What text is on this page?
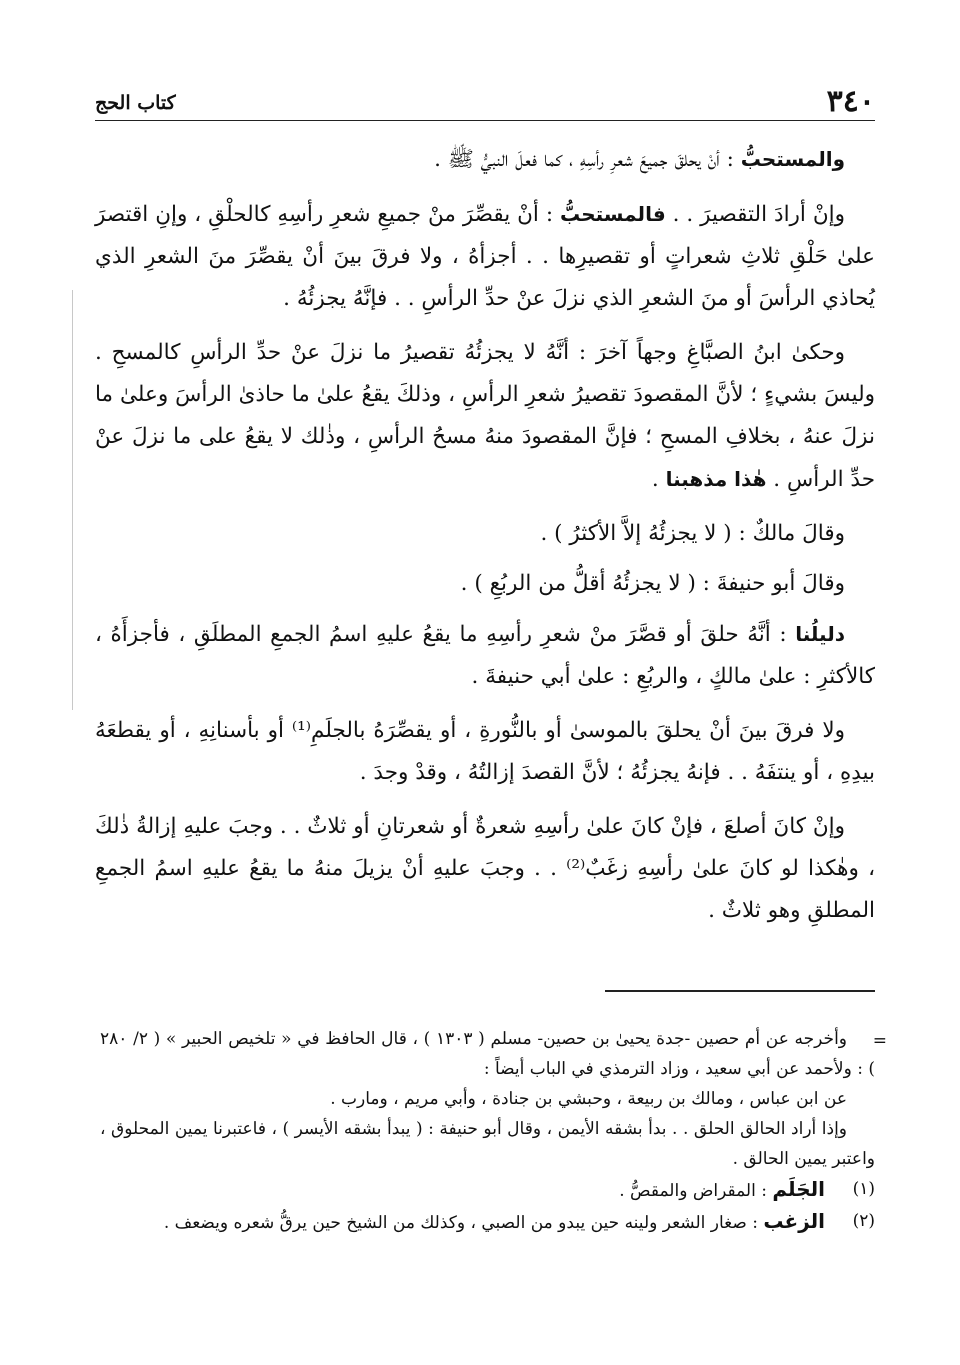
٣٤٠
كتاب الحج

والمستحبُّ : أنْ يحلقَ جميعَ شعرِ رأسِهِ ، كما فعلَ النبيُّ ﷺ .

وإنْ أرادَ التقصيرَ . . فالمستحبُّ : أنْ يقصِّرَ منْ جميعِ شعرِ رأسِهِ كالحلْقِ ، وإنِ اقتصرَ علىٰ حَلْقِ ثلاثِ شعراتٍ أو تقصيرِها . . أجزأهُ ، ولا فرقَ بينَ أنْ يقصِّرَ منَ الشعرِ الذي يُحاذي الرأسَ أو منَ الشعرِ الذي نزلَ عنْ حدِّ الرأسِ . . فإنَّهُ يجزئُهُ .

وحكىٰ ابنُ الصبَّاغِ وجهاً آخرَ : أنَّهُ لا يجزئُهُ تقصيرُ ما نزلَ عنْ حدِّ الرأسِ كالمسحِ . وليسَ بشيءٍ ؛ لأنَّ المقصودَ تقصيرُ شعرِ الرأسِ ، وذلكَ يقعُ علىٰ ما حاذىٰ الرأسَ وعلىٰ ما نزلَ عنهُ ، بخلافِ المسحِ ؛ فإنَّ المقصودَ منهُ مسحُ الرأسِ ، وذٰلك لا يقعُ على ما نزلَ عنْ حدِّ الرأسِ . هٰذا مذهبنا .

وقالَ مالكٌ : ( لا يجزئُهُ إلاَّ الأكثرُ ) .

وقالَ أبو حنيفةَ : ( لا يجزئُهُ أقلُّ من الربُعِ ) .

دليلُنا : أنَّهُ حلقَ أو قصَّرَ منْ شعرِ رأسِهِ ما يقعُ عليهِ اسمُ الجمعِ المطلَقِ ، فأجزأَهُ ، كالأكثرِ : علىٰ مالكٍ ، والربُعِ : علىٰ أبي حنيفةَ .

ولا فرقَ بينَ أنْ يحلقَ بالموسىٰ أو بالنُّورةِ ، أو يقصِّرَهُ بالجلَمِ⁽¹⁾ أو بأسنانِهِ ، أو يقطعَهُ بيدِهِ ، أو ينتفَهُ . . فإنهُ يجزئُهُ ؛ لأنَّ القصدَ إزالتُهُ ، وقدْ وجدَ .

وإنْ كانَ أصلعَ ، فإنْ كانَ علىٰ رأسِهِ شعرةٌ أو شعرتانِ أو ثلاثٌ . . وجبَ عليهِ إزالةُ ذٰلكَ ، وهٰكذا لو كانَ علىٰ رأسِهِ زغَبٌ⁽²⁾ . . وجبَ عليهِ أنْ يزيلَ منهُ ما يقعُ عليهِ اسمُ الجمعِ المطلقِ وهو ثلاثٌ .

=

وأخرجه عن أم حصين -جدة يحيىٰ بن حصين- مسلم ( ١٣٠٣ ) ، قال الحافظ في « تلخيص الحبير » ( ٢/ ٢٨٠ ) : ولأحمد عن أبي سعيد ، وزاد الترمذي في الباب أيضاً :

عن ابن عباس ، ومالك بن ربيعة ، وحبشي بن جنادة ، وأبي مريم ، ومارب .

وإذا أراد الحالق الحلق . . بدأ بشقه الأيمن ، وقال أبو حنيفة : ( يبدأ بشقه الأيسر ) ، فاعتبرنا يمين المحلوق ، واعتبر يمين الحالق .

(١)
الجَلَم : المقراض والمقصُّ .
(٢)
الزغب : صغار الشعر ولينه حين يبدو من الصبي ، وكذلك من الشيخ حين يرقُّ شعره ويضعف .
